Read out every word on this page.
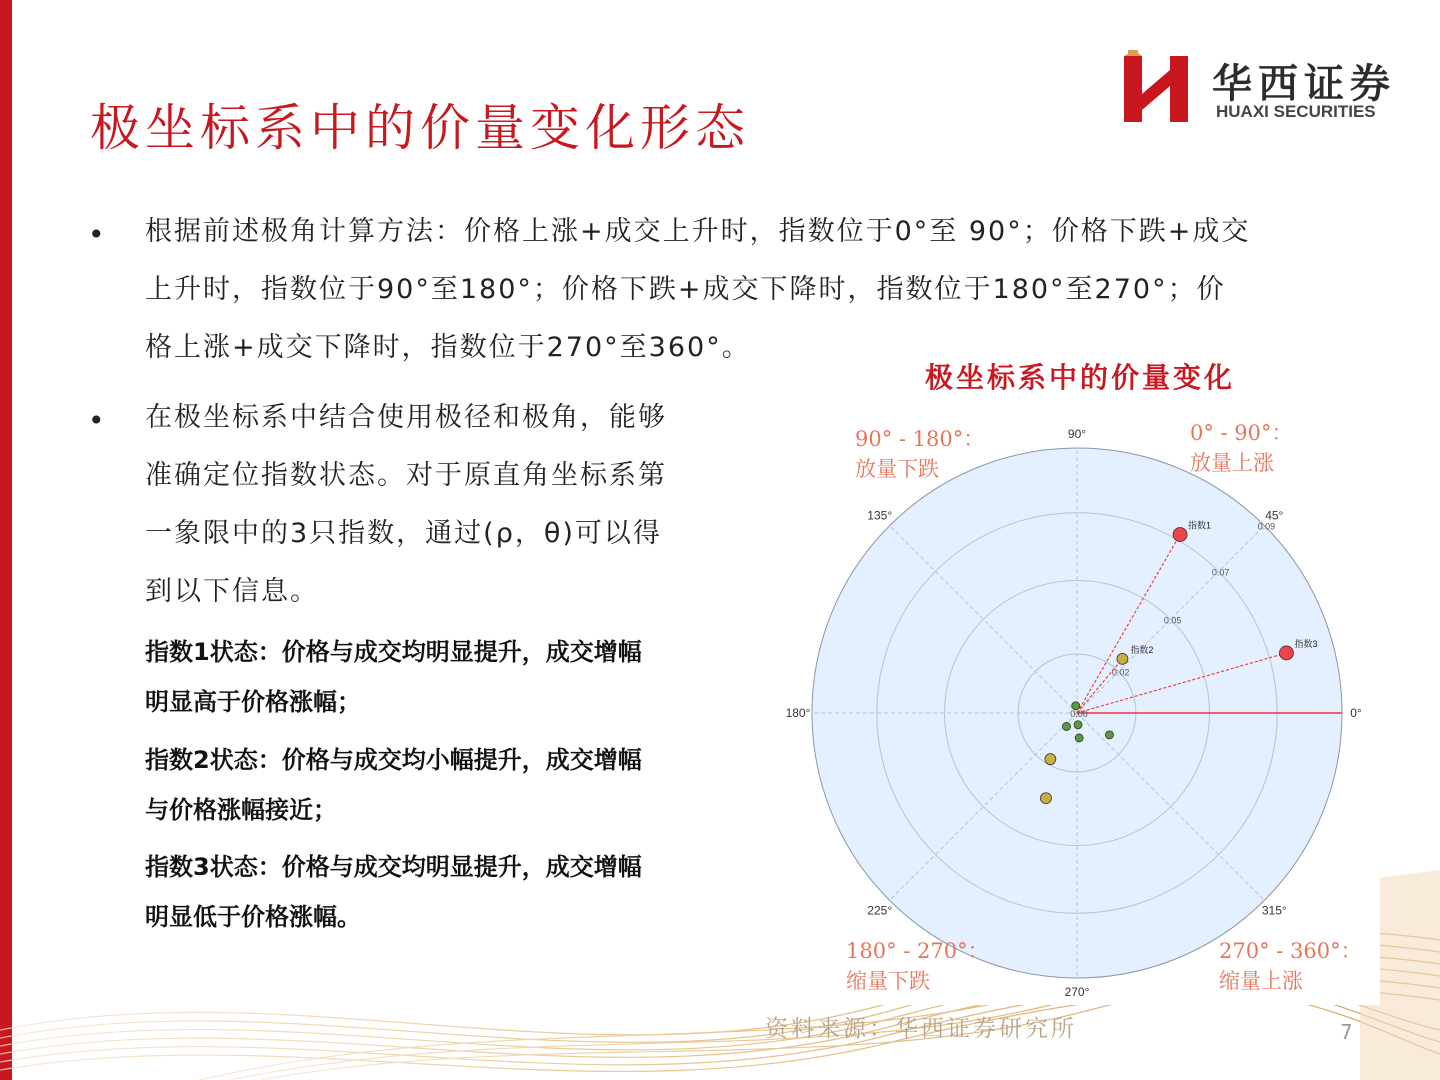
极坐标系中的价量变化形态
华西证券
HUAXI SECURITIES
• 根据前述极角计算方法：价格上涨+成交上升时，指数位于0°至 90°；价格下跌+成交
上升时，指数位于90°至180°；价格下跌+成交下降时，指数位于180°至270°；价
格上涨+成交下降时，指数位于270°至360°。

• 在极坐标系中结合使用极径和极角，能够
准确定位指数状态。对于原直角坐标系第
一象限中的3只指数，通过(ρ，θ)可以得
到以下信息。

指数1状态：价格与成交均明显提升，成交增幅
明显高于价格涨幅；

指数2状态：价格与成交均小幅提升，成交增幅
与价格涨幅接近；

指数3状态：价格与成交均明显提升，成交增幅
明显低于价格涨幅。

极坐标系中的价量变化
0°
45°
90°
135°
180°
225°
270°
315°
0.00
0.02
0.05
0.07
0.09
指数1
指数2
指数3
90° - 180°：
放量下跌
0° - 90°：
放量上涨
180° - 270°：
缩量下跌
270° - 360°：
缩量上涨
资料来源：华西证券研究所	7
